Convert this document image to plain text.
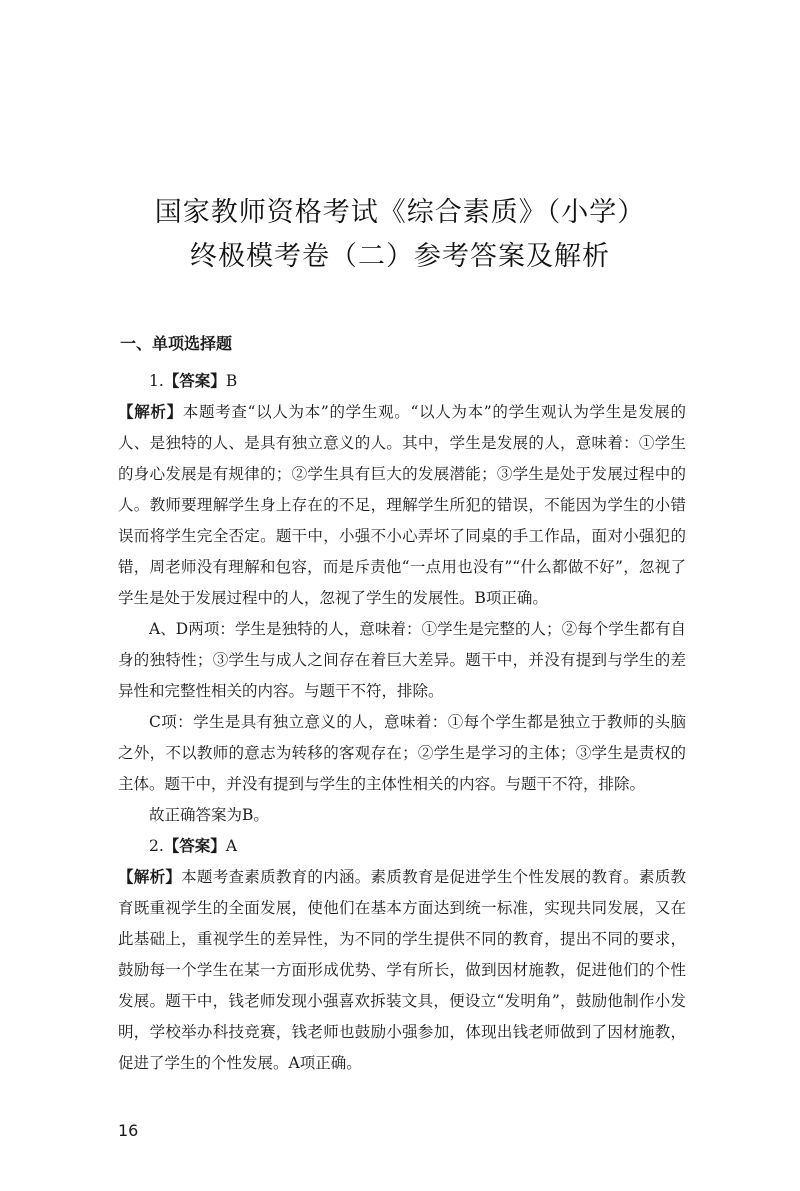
国家教师资格考试《综合素质》（小学）
终极模考卷（二）参考答案及解析
一、单项选择题

1.【答案】B

【解析】本题考查“以人为本”的学生观。“以人为本”的学生观认为学生是发展的人、是独特的人、是具有独立意义的人。其中，学生是发展的人，意味着：①学生的身心发展是有规律的；②学生具有巨大的发展潜能；③学生是处于发展过程中的人。教师要理解学生身上存在的不足，理解学生所犯的错误，不能因为学生的小错误而将学生完全否定。题干中，小强不小心弄坏了同桌的手工作品，面对小强犯的错，周老师没有理解和包容，而是斥责他“一点用也没有”“什么都做不好”，忽视了学生是处于发展过程中的人，忽视了学生的发展性。B项正确。

A、D两项：学生是独特的人，意味着：①学生是完整的人；②每个学生都有自身的独特性；③学生与成人之间存在着巨大差异。题干中，并没有提到与学生的差异性和完整性相关的内容。与题干不符，排除。

C项：学生是具有独立意义的人，意味着：①每个学生都是独立于教师的头脑之外，不以教师的意志为转移的客观存在；②学生是学习的主体；③学生是责权的主体。题干中，并没有提到与学生的主体性相关的内容。与题干不符，排除。

故正确答案为B。

2.【答案】A

【解析】本题考查素质教育的内涵。素质教育是促进学生个性发展的教育。素质教育既重视学生的全面发展，使他们在基本方面达到统一标准，实现共同发展，又在此基础上，重视学生的差异性，为不同的学生提供不同的教育，提出不同的要求，鼓励每一个学生在某一方面形成优势、学有所长，做到因材施教，促进他们的个性发展。题干中，钱老师发现小强喜欢拆装文具，便设立“发明角”，鼓励他制作小发明，学校举办科技竞赛，钱老师也鼓励小强参加，体现出钱老师做到了因材施教，促进了学生的个性发展。A项正确。

16
